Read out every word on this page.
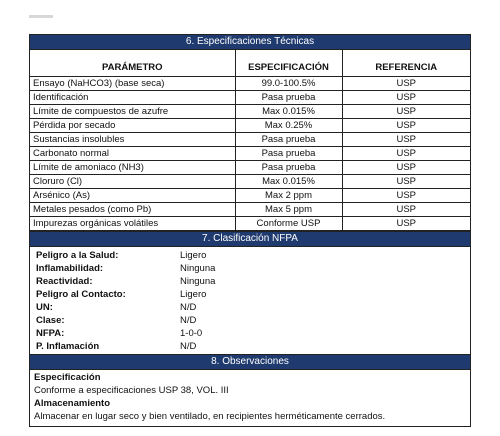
6. Especificaciones Técnicas
PARÁMETRO	ESPECIFICACIÓN	REFERENCIA
Ensayo (NaHCO3) (base seca)	99.0-100.5%	USP
Identificación	Pasa prueba	USP
Límite de compuestos de azufre	Max 0.015%	USP
Pérdida por secado	Max 0.25%	USP
Sustancias insolubles	Pasa prueba	USP
Carbonato normal	Pasa prueba	USP
Límite de amoniaco (NH3)	Pasa prueba	USP
Cloruro (Cl)	Max 0.015%	USP
Arsénico (As)	Max 2 ppm	USP
Metales pesados (como Pb)	Max 5 ppm	USP
Impurezas orgánicas volátiles	Conforme USP	USP
7. Clasificación NFPA
Peligro a la Salud:	Ligero
Inflamabilidad:	Ninguna
Reactividad:	Ninguna
Peligro al Contacto:	Ligero
UN:	N/D
Clase:	N/D
NFPA:	1-0-0
P. Inflamación	N/D
8. Observaciones
Especificación
Conforme a especificaciones USP 38, VOL. III
Almacenamiento
Almacenar en lugar seco y bien ventilado, en recipientes herméticamente cerrados.
